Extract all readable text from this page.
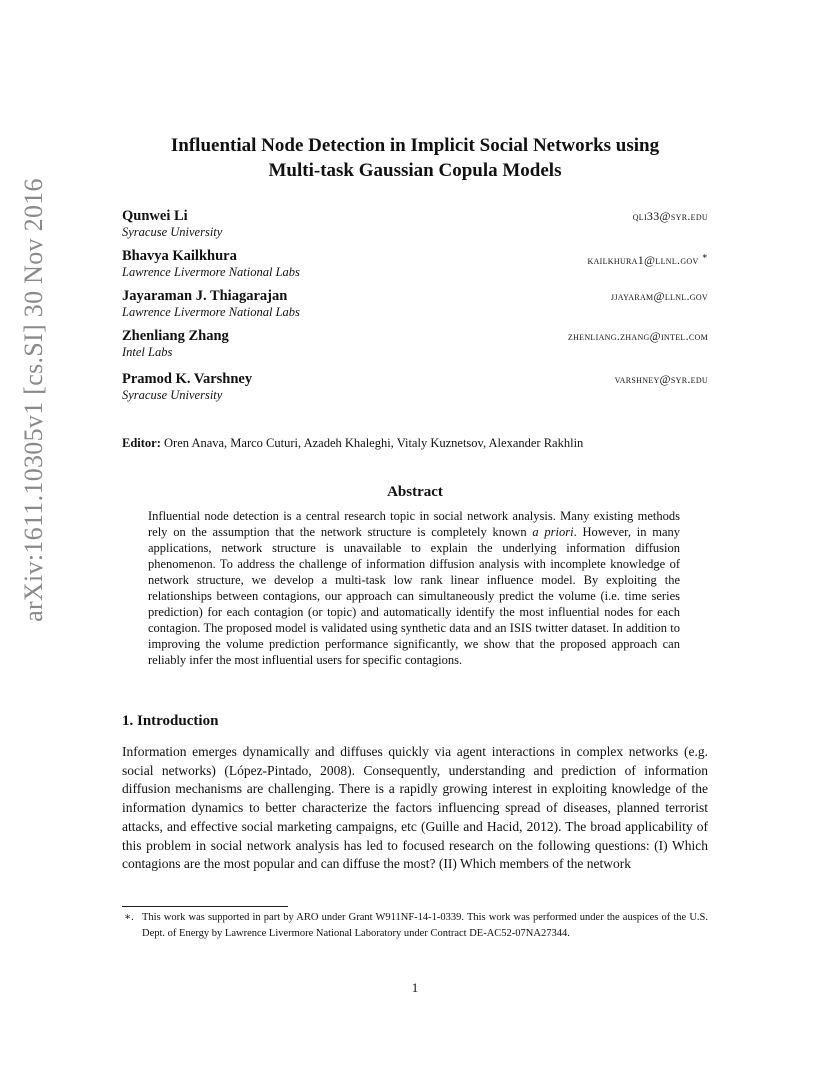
arXiv:1611.10305v1 [cs.SI] 30 Nov 2016
Influential Node Detection in Implicit Social Networks using
Multi-task Gaussian Copula Models
Qunwei Li	qli33@syr.edu
Syracuse University
Bhavya Kailkhura	kailkhura1@llnl.gov ∗
Lawrence Livermore National Labs
Jayaraman J. Thiagarajan	jjayaram@llnl.gov
Lawrence Livermore National Labs
Zhenliang Zhang	zhenliang.zhang@intel.com
Intel Labs
Pramod K. Varshney	varshney@syr.edu
Syracuse University
Editor: Oren Anava, Marco Cuturi, Azadeh Khaleghi, Vitaly Kuznetsov, Alexander Rakhlin
Abstract

Influential node detection is a central research topic in social network analysis. Many existing methods rely on the assumption that the network structure is completely known a priori. However, in many applications, network structure is unavailable to explain the underlying information diffusion phenomenon. To address the challenge of information diffusion analysis with incomplete knowledge of network structure, we develop a multi-task low rank linear influence model. By exploiting the relationships between contagions, our approach can simultaneously predict the volume (i.e. time series prediction) for each contagion (or topic) and automatically identify the most influential nodes for each contagion. The proposed model is validated using synthetic data and an ISIS twitter dataset. In addition to improving the volume prediction performance significantly, we show that the proposed approach can reliably infer the most influential users for specific contagions.

1. Introduction

Information emerges dynamically and diffuses quickly via agent interactions in complex networks (e.g. social networks) (López-Pintado, 2008). Consequently, understanding and prediction of information diffusion mechanisms are challenging. There is a rapidly growing interest in exploiting knowledge of the information dynamics to better characterize the factors influencing spread of diseases, planned terrorist attacks, and effective social marketing campaigns, etc (Guille and Hacid, 2012). The broad applicability of this problem in social network analysis has led to focused research on the following questions: (I) Which contagions are the most popular and can diffuse the most? (II) Which members of the network

∗. This work was supported in part by ARO under Grant W911NF-14-1-0339. This work was performed under the auspices of the U.S. Dept. of Energy by Lawrence Livermore National Laboratory under Contract DE-AC52-07NA27344.

1
